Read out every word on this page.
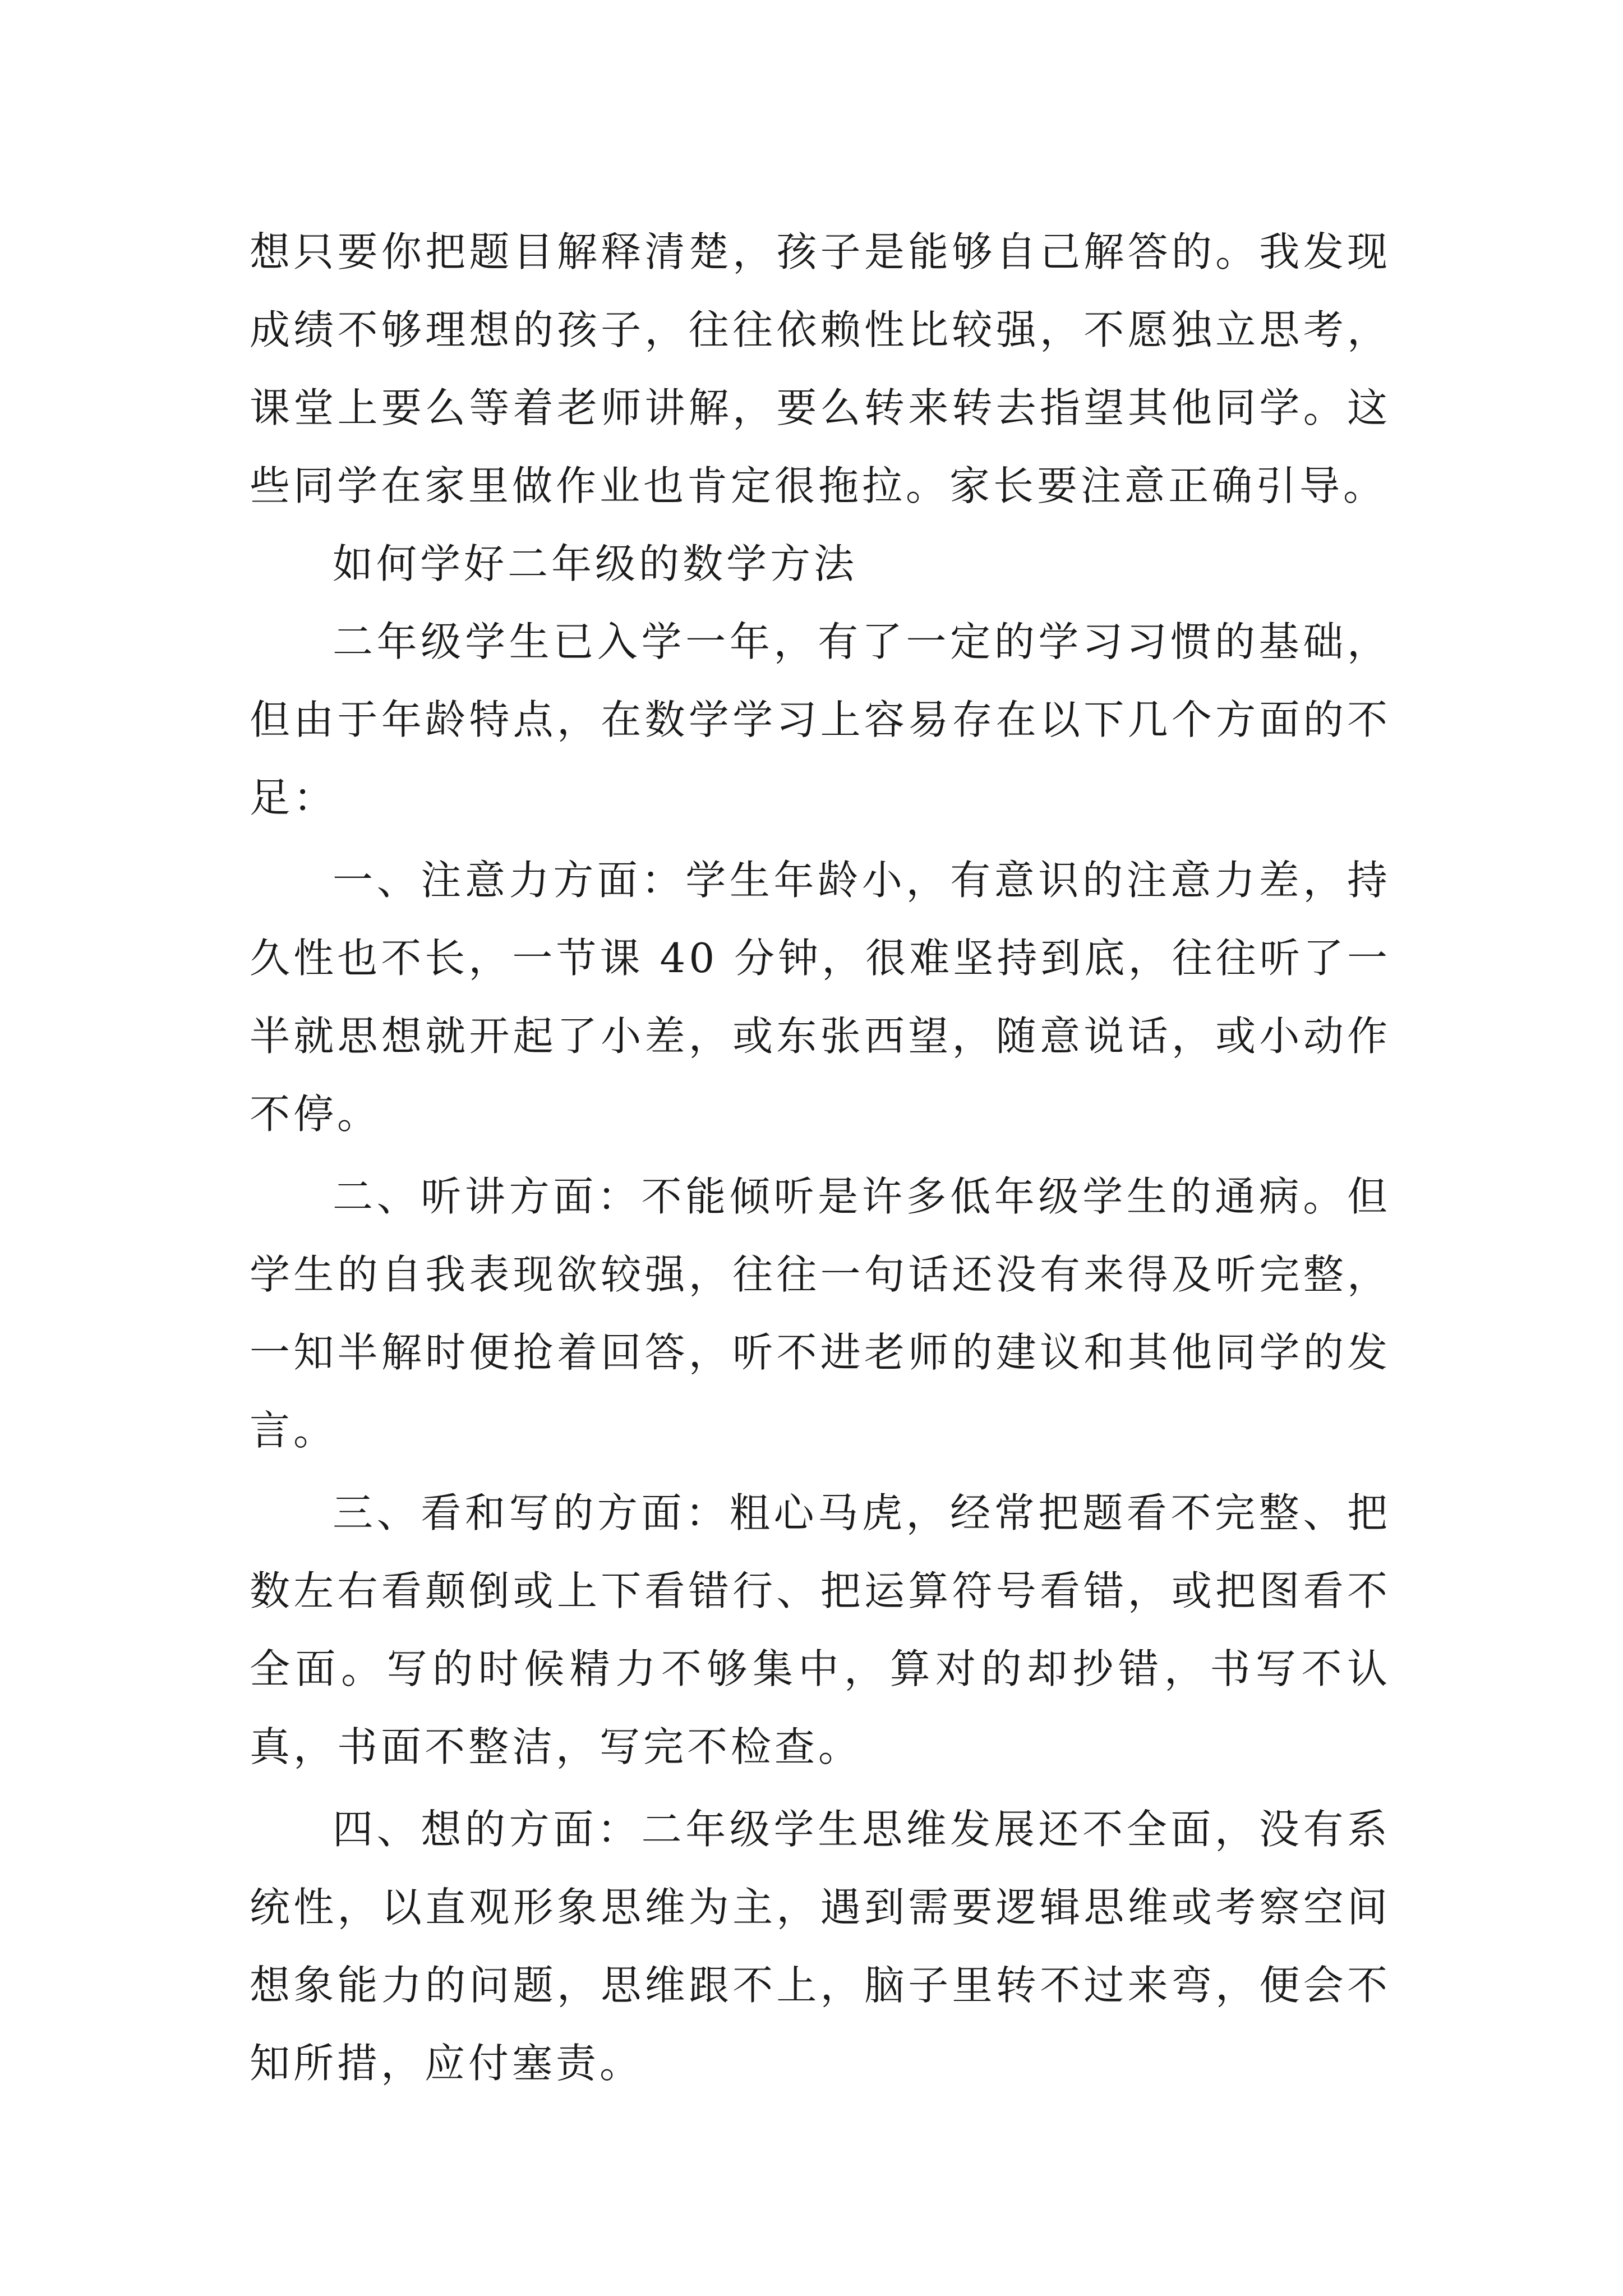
想只要你把题目解释清楚，孩子是能够自己解答的。我发现成绩不够理想的孩子，往往依赖性比较强，不愿独立思考，课堂上要么等着老师讲解，要么转来转去指望其他同学。这些同学在家里做作业也肯定很拖拉。家长要注意正确引导。

如何学好二年级的数学方法

二年级学生已入学一年，有了一定的学习习惯的基础，但由于年龄特点，在数学学习上容易存在以下几个方面的不足：

一、注意力方面：学生年龄小，有意识的注意力差，持久性也不长，一节课 40 分钟，很难坚持到底，往往听了一半就思想就开起了小差，或东张西望，随意说话，或小动作不停。

二、听讲方面：不能倾听是许多低年级学生的通病。但学生的自我表现欲较强，往往一句话还没有来得及听完整，一知半解时便抢着回答，听不进老师的建议和其他同学的发言。

三、看和写的方面：粗心马虎，经常把题看不完整、把数左右看颠倒或上下看错行、把运算符号看错，或把图看不全面。写的时候精力不够集中，算对的却抄错，书写不认真，书面不整洁，写完不检查。

四、想的方面：二年级学生思维发展还不全面，没有系统性，以直观形象思维为主，遇到需要逻辑思维或考察空间想象能力的问题，思维跟不上，脑子里转不过来弯，便会不知所措，应付塞责。
